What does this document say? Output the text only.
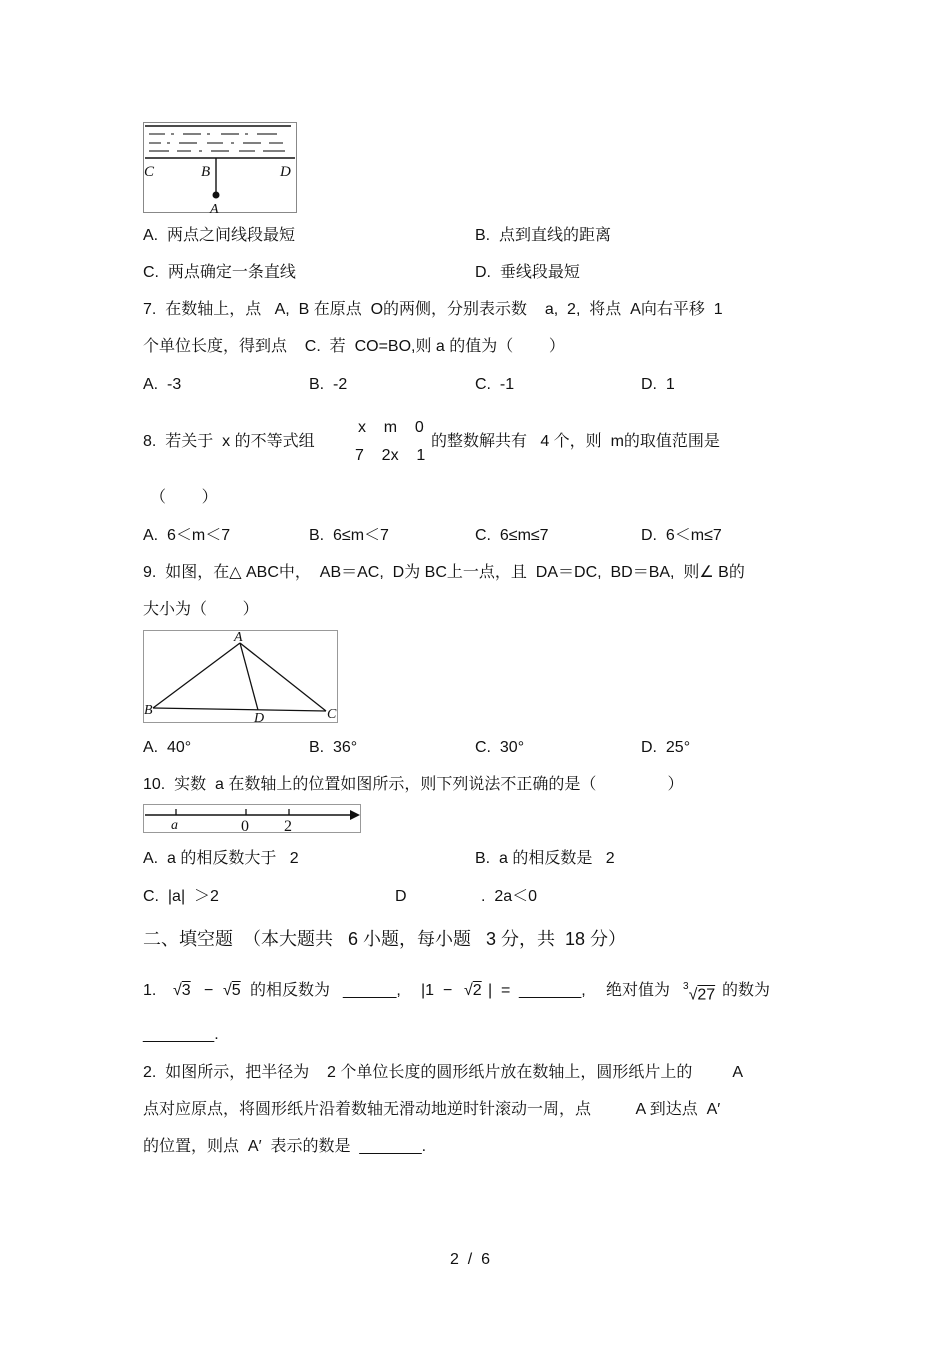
C	B	D
A
A.  两点之间线段最短	B.  点到直线的距离
C.  两点确定一条直线	D.  垂线段最短
7.  在数轴上，点   A,  B 在原点  O的两侧，分别表示数    a,  2,  将点  A向右平移  1
个单位长度，得到点    C.  若  CO=BO,则 a 的值为（        ）
A.  -3	B.  -2	C.  -1	D.  1
8.  若关于  x 的不等式组
x    m    0
7    2x    1
的整数解共有   4 个，则  m的取值范围是
（        ）
A.  6＜m＜7	B.  6≤m＜7	C.  6≤m≤7	D.  6＜m≤7
9.  如图，在△ ABC中，  AB＝AC,  D为 BC上一点，且  DA＝DC,  BD＝BA,  则∠ B的
大小为（        ）
A
B
D	C
A.  40°	B.  36°	C.  30°	D.  25°
10.  实数  a 在数轴上的位置如图所示，则下列说法不正确的是（                ）
a	0 2
A.  a 的相反数大于   2	B.  a 的相反数是   2
C.  |a|  ＞2	D	.  2a＜0
二、填空题  （本大题共   6 小题，每小题   3 分，共  18 分）
1. √3 − √5 的相反数为 ______, |1  − √2 |  = _______, 绝对值为 $^3$√27 的数为
________.
2.  如图所示，把半径为    2 个单位长度的圆形纸片放在数轴上，圆形纸片上的         A
点对应原点，将圆形纸片沿着数轴无滑动地逆时针滚动一周，点          A 到达点  A′
的位置，则点  A′  表示的数是  _______.
2  /  6
